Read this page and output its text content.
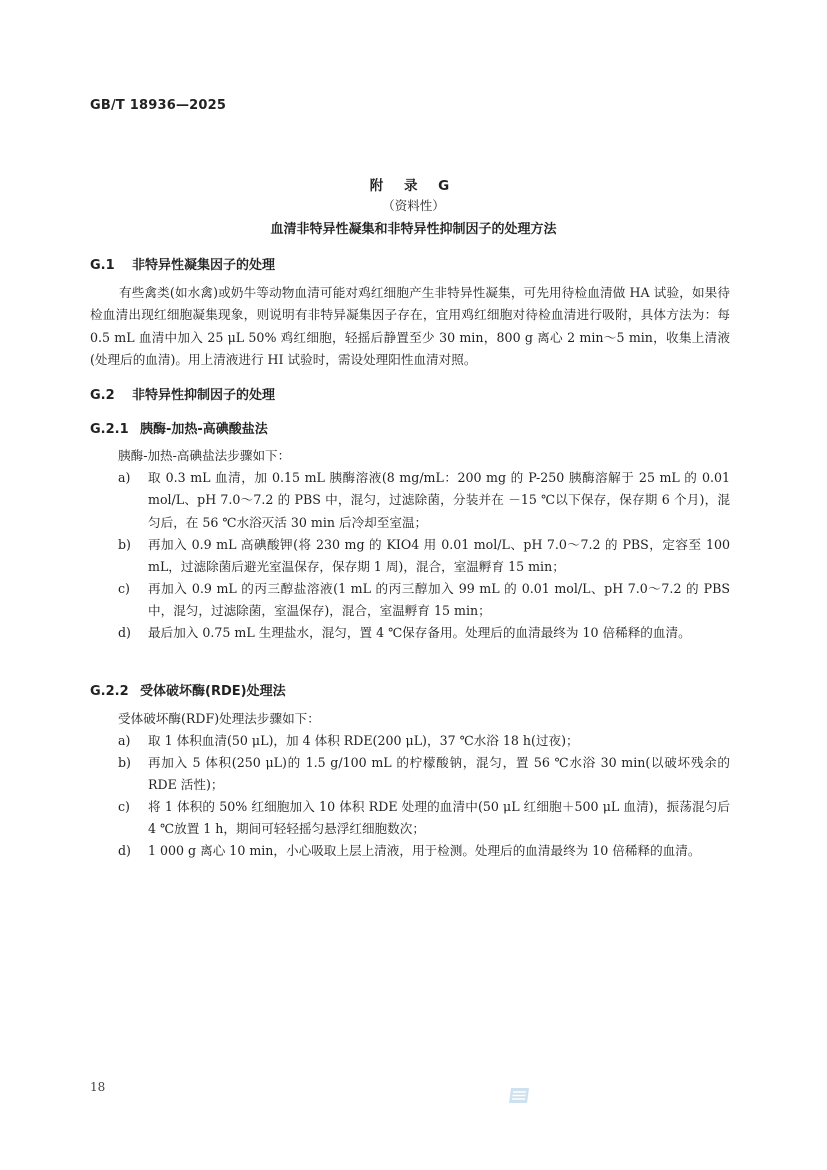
GB/T 18936—2025
附 录 G
（资料性）
血清非特异性凝集和非特异性抑制因子的处理方法
G.1 非特异性凝集因子的处理
有些禽类(如水禽)或奶牛等动物血清可能对鸡红细胞产生非特异性凝集，可先用待检血清做 HA 试验，如果待检血清出现红细胞凝集现象，则说明有非特异凝集因子存在，宜用鸡红细胞对待检血清进行吸附，具体方法为：每 0.5 mL 血清中加入 25 μL 50% 鸡红细胞，轻摇后静置至少 30 min，800 g 离心 2 min～5 min，收集上清液(处理后的血清)。用上清液进行 HI 试验时，需设处理阳性血清对照。
G.2 非特异性抑制因子的处理
G.2.1 胰酶-加热-高碘酸盐法
胰酶-加热-高碘盐法步骤如下：
a) 取 0.3 mL 血清，加 0.15 mL 胰酶溶液(8 mg/mL：200 mg 的 P-250 胰酶溶解于 25 mL 的 0.01 mol/L、pH 7.0～7.2 的 PBS 中，混匀，过滤除菌，分装并在 －15 ℃以下保存，保存期 6 个月)，混匀后，在 56 ℃水浴灭活 30 min 后冷却至室温；
b) 再加入 0.9 mL 高碘酸钾(将 230 mg 的 KIO4 用 0.01 mol/L、pH 7.0～7.2 的 PBS，定容至 100 mL，过滤除菌后避光室温保存，保存期 1 周)，混合，室温孵育 15 min；
c) 再加入 0.9 mL 的丙三醇盐溶液(1 mL 的丙三醇加入 99 mL 的 0.01 mol/L、pH 7.0～7.2 的 PBS 中，混匀，过滤除菌，室温保存)，混合，室温孵育 15 min；
d) 最后加入 0.75 mL 生理盐水，混匀，置 4 ℃保存备用。处理后的血清最终为 10 倍稀释的血清。
G.2.2 受体破坏酶(RDE)处理法
受体破坏酶(RDF)处理法步骤如下：
a) 取 1 体积血清(50 μL)，加 4 体积 RDE(200 μL)，37 ℃水浴 18 h(过夜)；
b) 再加入 5 体积(250 μL)的 1.5 g/100 mL 的柠檬酸钠，混匀，置 56 ℃水浴 30 min(以破坏残余的 RDE 活性)；
c) 将 1 体积的 50% 红细胞加入 10 体积 RDE 处理的血清中(50 μL 红细胞＋500 μL 血清)，振荡混匀后 4 ℃放置 1 h，期间可轻轻摇匀悬浮红细胞数次；
d) 1 000 g 离心 10 min，小心吸取上层上清液，用于检测。处理后的血清最终为 10 倍稀释的血清。
18
